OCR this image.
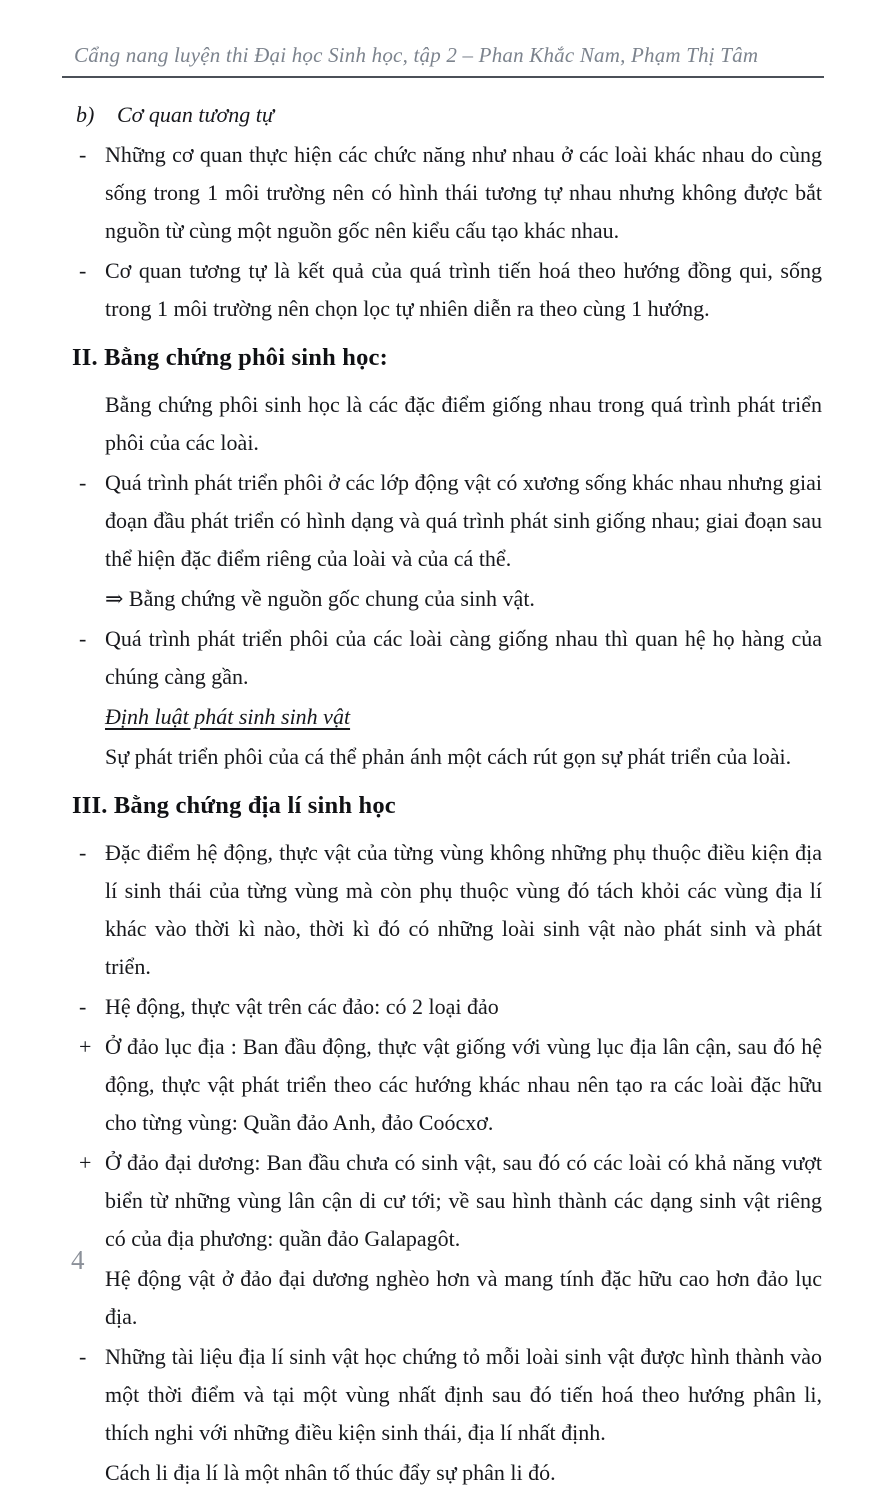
Cẩng nang luyện thi Đại học Sinh học, tập 2 – Phan Khắc Nam, Phạm Thị Tâm
b)	Cơ quan tương tự
- Những cơ quan thực hiện các chức năng như nhau ở các loài khác nhau do cùng sống trong 1 môi trường nên có hình thái tương tự nhau nhưng không được bắt nguồn từ cùng một nguồn gốc nên kiểu cấu tạo khác nhau.
- Cơ quan tương tự là kết quả của quá trình tiến hoá theo hướng đồng qui, sống trong 1 môi trường nên chọn lọc tự nhiên diễn ra theo cùng 1 hướng.
II. Bằng chứng phôi sinh học:
Bằng chứng phôi sinh học là các đặc điểm giống nhau trong quá trình phát triển phôi của các loài.
- Quá trình phát triển phôi ở các lớp động vật có xương sống khác nhau nhưng giai đoạn đầu phát triển có hình dạng và quá trình phát sinh giống nhau; giai đoạn sau thể hiện đặc điểm riêng của loài và của cá thể.
⇒ Bằng chứng về nguồn gốc chung của sinh vật.
- Quá trình phát triển phôi của các loài càng giống nhau thì quan hệ họ hàng của chúng càng gần.
Định luật phát sinh sinh vật
Sự phát triển phôi của cá thể phản ánh một cách rút gọn sự phát triển của loài.
III. Bằng chứng địa lí sinh học
- Đặc điểm hệ động, thực vật của từng vùng không những phụ thuộc điều kiện địa lí sinh thái của từng vùng mà còn phụ thuộc vùng đó tách khỏi các vùng địa lí khác vào thời kì nào, thời kì đó có những loài sinh vật nào phát sinh và phát triển.
- Hệ động, thực vật trên các đảo: có 2 loại đảo
+ Ở đảo lục địa : Ban đầu động, thực vật giống với vùng lục địa lân cận, sau đó hệ động, thực vật phát triển theo các hướng khác nhau nên tạo ra các loài đặc hữu cho từng vùng: Quần đảo Anh, đảo Coócxơ.
+ Ở đảo đại dương: Ban đầu chưa có sinh vật, sau đó có các loài có khả năng vượt biển từ những vùng lân cận di cư tới; về sau hình thành các dạng sinh vật riêng có của địa phương: quần đảo Galapagôt.
Hệ động vật ở đảo đại dương nghèo hơn và mang tính đặc hữu cao hơn đảo lục địa.
- Những tài liệu địa lí sinh vật học chứng tỏ mỗi loài sinh vật được hình thành vào một thời điểm và tại một vùng nhất định sau đó tiến hoá theo hướng phân li, thích nghi với những điều kiện sinh thái, địa lí nhất định.
Cách li địa lí là một nhân tố thúc đẩy sự phân li đó.
4
